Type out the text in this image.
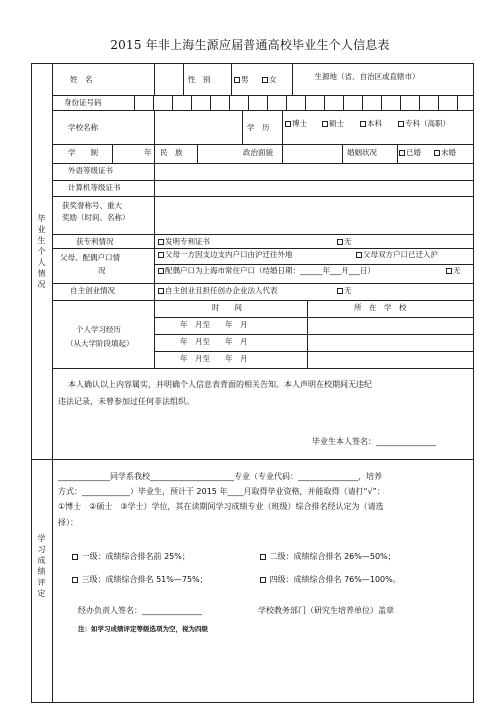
2015 年非上海生源应届普通高校毕业生个人信息表
毕业生个人情况
姓　名	性　别	男	女	生源地（省、自治区或直辖市）
身份证号码
学校名称	学　历	博士	硕士	本科	专科（高职）
学　　制	年 民　族	政治面貌	婚姻状况	已婚	未婚
外语等级证书
计算机等级证书
获奖誉称号、重大
奖励（时间、名称）
获专利情况	发明专利证书	无
父母、配偶户口情
况
父母一方因支边支内户口由沪迁往外地	父母双方户口已迁入沪
配偶户口为上海市常住户口（结婚日期：______年___月___日）	无
自主创业情况	自主创业且担任创办企业法人代表	无
个人学习经历
（从大学阶段填起）
时　　间	所　在　学　校
年　月至　　年　月
年　月至　　年　月
年　月至　　年　月
本人确认以上内容属实，并明确个人信息表背面的相关告知。本人声明在校期间无违纪
违法记录，未曾参加过任何非法组织。
毕业生本人签名：_______________
学习成绩评定
_____________同学系我校_____________________专业（专业代码：_______________，培养
方式：____________）毕业生，预计于 2015 年____月取得毕业资格，并能取得（请打“√”：
①博士　②硕士　③学士）学位，其在读期间学习成绩专业（班级）综合排名经认定为（请选
择）：
一级：成绩综合排名前 25%；	二级：成绩综合排名 26%—50%；
三级：成绩综合排名 51%—75%；	四级：成绩综合排名 76%—100%。
经办负责人签名：_______________	学校教务部门（研究生培养单位）盖章
注：如学习成绩评定等级选项为空，视为四级
